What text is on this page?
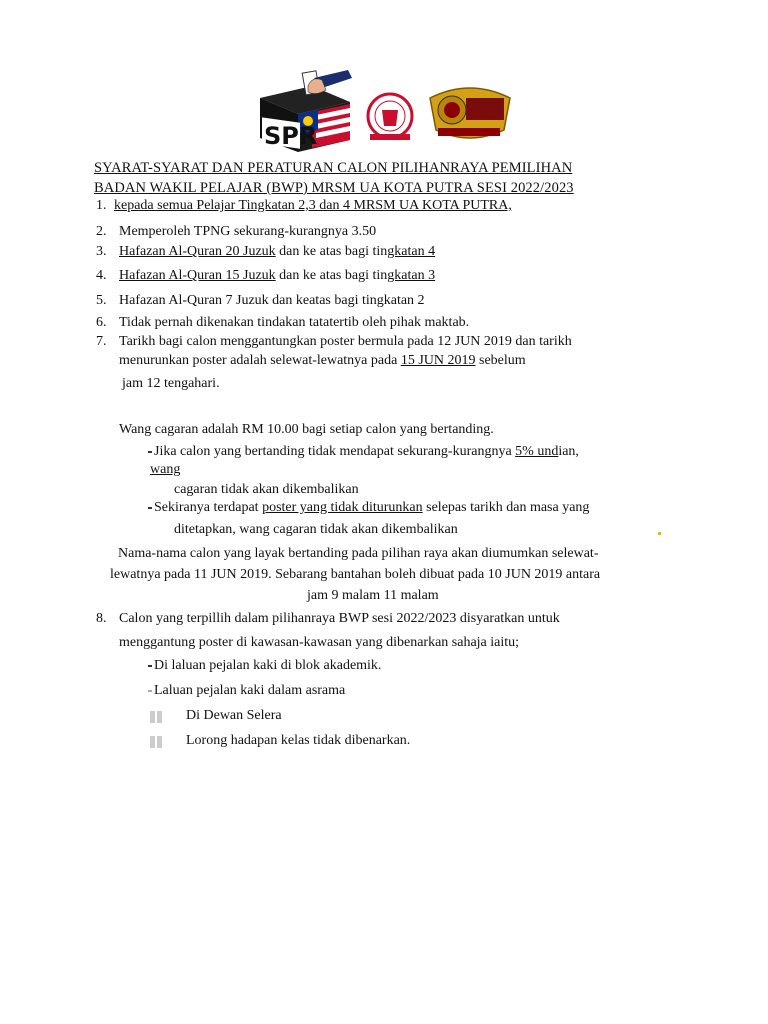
SPR
SYARAT-SYARAT DAN PERATURAN CALON PILIHANRAYA PEMILIHAN
BADAN WAKIL PELAJAR (BWP) MRSM UA KOTA PUTRA SESI 2022/2023
1. kepada semua Pelajar Tingkatan 2,3 dan 4 MRSM UA KOTA PUTRA,
2. Memperoleh TPNG sekurang-kurangnya 3.50
3. Hafazan Al-Quran 20 Juzuk dan ke atas bagi tingkatan 4
4. Hafazan Al-Quran 15 Juzuk dan ke atas bagi tingkatan 3
5. Hafazan Al-Quran 7 Juzuk dan keatas bagi tingkatan 2
6. Tidak pernah dikenakan tindakan tatatertib oleh pihak maktab.
7. Tarikh bagi calon menggantungkan poster bermula pada 12 JUN 2019 dan tarikh
menurunkan poster adalah selewat-lewatnya pada 15 JUN 2019 sebelum
jam 12 tengahari.
Wang cagaran adalah RM 10.00 bagi setiap calon yang bertanding.
Jika calon yang bertanding tidak mendapat sekurang-kurangnya 5% undian,
wang
cagaran tidak akan dikembalikan
Sekiranya terdapat poster yang tidak diturunkan selepas tarikh dan masa yang
ditetapkan, wang cagaran tidak akan dikembalikan
Nama-nama calon yang layak bertanding pada pilihan raya akan diumumkan selewat-
lewatnya pada 11 JUN 2019. Sebarang bantahan boleh dibuat pada 10 JUN 2019 antara
jam 9 malam 11 malam
8. Calon yang terpillih dalam pilihanraya BWP sesi 2022/2023 disyaratkan untuk
menggantung poster di kawasan-kawasan yang dibenarkan sahaja iaitu;
Di laluan pejalan kaki di blok akademik.
Laluan pejalan kaki dalam asrama
Di Dewan Selera
Lorong hadapan kelas tidak dibenarkan.
